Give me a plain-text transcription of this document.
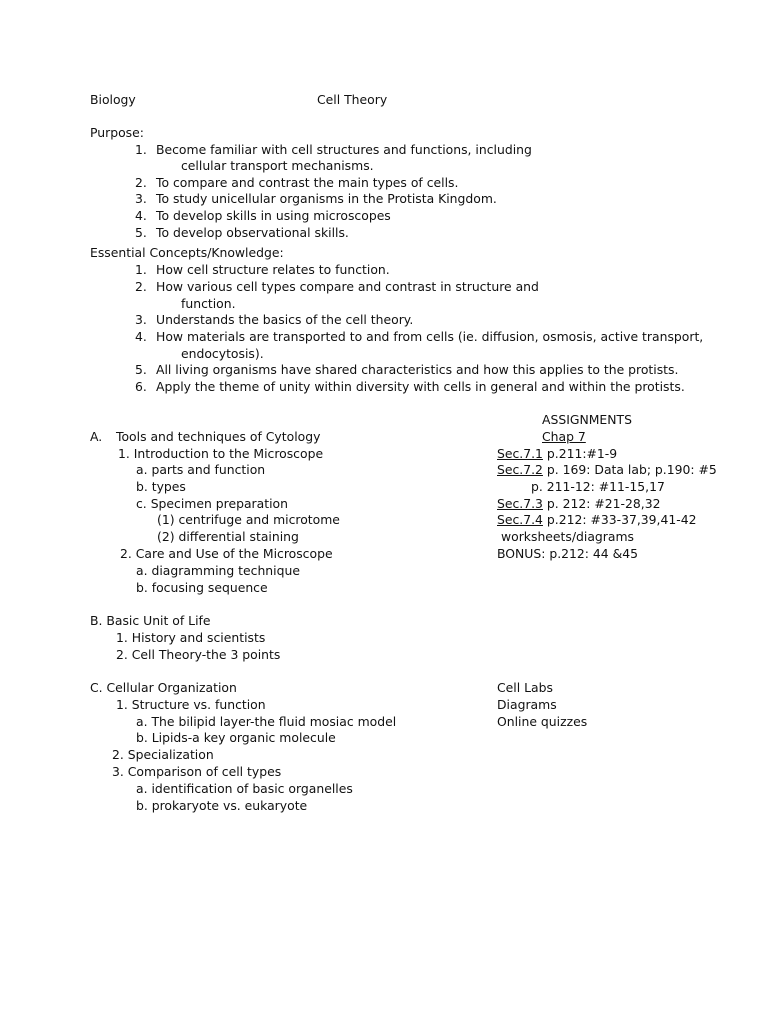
Biology	Cell Theory
Purpose:
1. Become familiar with cell structures and functions, including
cellular transport mechanisms.
2. To compare and contrast the main types of cells.
3. To study unicellular organisms in the Protista Kingdom.
4. To develop skills in using microscopes
5. To develop observational skills.
Essential Concepts/Knowledge:
1. How cell structure relates to function.
2. How various cell types compare and contrast in structure and
function.
3. Understands the basics of the cell theory.
4. How materials are transported to and from cells (ie. diffusion, osmosis, active transport,
endocytosis).
5. All living organisms have shared characteristics and how this applies to the protists.
6. Apply the theme of unity within diversity with cells in general and within the protists.
ASSIGNMENTS
Chap 7
Sec.7.1 p.211:#1-9
Sec.7.2 p. 169: Data lab; p.190: #5
p. 211-12: #11-15,17
Sec.7.3 p. 212: #21-28,32
Sec.7.4 p.212: #33-37,39,41-42
worksheets/diagrams
BONUS: p.212: 44 &45
A. Tools and techniques of Cytology
1. Introduction to the Microscope
a. parts and function
b. types
c. Specimen preparation
(1) centrifuge and microtome
(2) differential staining
2. Care and Use of the Microscope
a. diagramming technique
b. focusing sequence
B. Basic Unit of Life
1. History and scientists
2. Cell Theory-the 3 points
C. Cellular Organization
1. Structure vs. function
a. The bilipid layer-the fluid mosiac model
b. Lipids-a key organic molecule
2. Specialization
3. Comparison of cell types
a. identification of basic organelles
b. prokaryote vs. eukaryote
Cell Labs
Diagrams
Online quizzes
